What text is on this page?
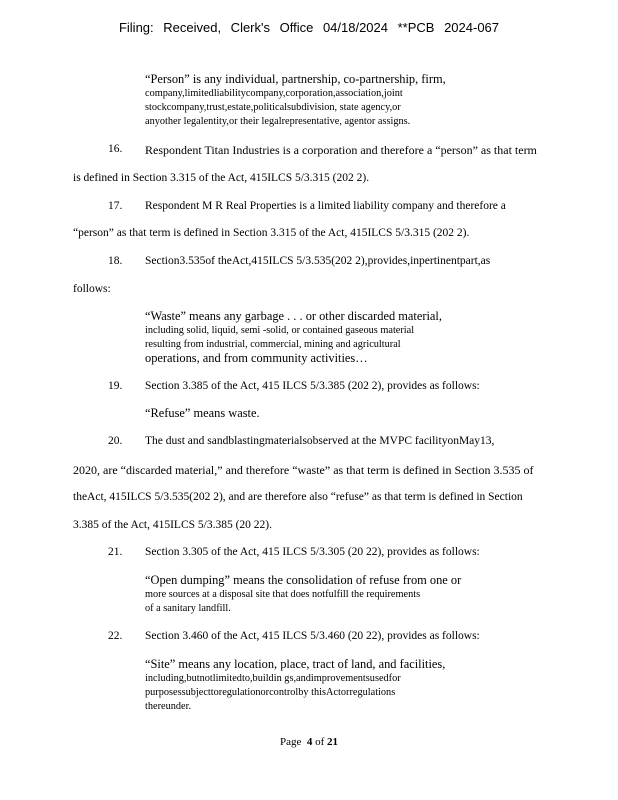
Filing: Received, Clerk's Office 04/18/2024 **PCB 2024-067
“Person” is any individual, partnership, co-partnership, firm,
company,limitedliabilitycompany,corporation,association,joint
stockcompany,trust,estate,politicalsubdivision, state agency,or
anyother legalentity,or their legalrepresentative, agentor assigns.
16. Respondent Titan Industries is a corporation and therefore a “person” as that term
is defined in Section 3.315 of the Act, 415ILCS 5/3.315 (202 2).
17. Respondent M R Real Properties is a limited liability company and therefore a
“person” as that term is defined in Section 3.315 of the Act, 415ILCS 5/3.315 (202 2).
18. Section3.535of theAct,415ILCS 5/3.535(202 2),provides,inpertinentpart,as
follows:
“Waste” means any garbage . . . or other discarded material,
including solid, liquid, semi -solid, or contained gaseous material
resulting from industrial, commercial, mining and agricultural
operations, and from community activities…
19. Section 3.385 of the Act, 415 ILCS 5/3.385 (202 2), provides as follows:
“Refuse” means waste.
20. The dust and sandblastingmaterialsobserved at the MVPC facilityonMay13,
2020, are “discarded material,” and therefore “waste” as that term is defined in Section 3.535 of
theAct, 415ILCS 5/3.535(202 2), and are therefore also “refuse” as that term is defined in Section
3.385 of the Act, 415ILCS 5/3.385 (20 22).
21. Section 3.305 of the Act, 415 ILCS 5/3.305 (20 22), provides as follows:
“Open dumping” means the consolidation of refuse from one or
more sources at a disposal site that does notfulfill the requirements
of a sanitary landfill.
22. Section 3.460 of the Act, 415 ILCS 5/3.460 (20 22), provides as follows:
“Site” means any location, place, tract of land, and facilities,
including,butnotlimitedto,buildin gs,andimprovementsusedfor
purposessubjecttoregulationorcontrolby thisActorregulations
thereunder.
Page 4 of 21
